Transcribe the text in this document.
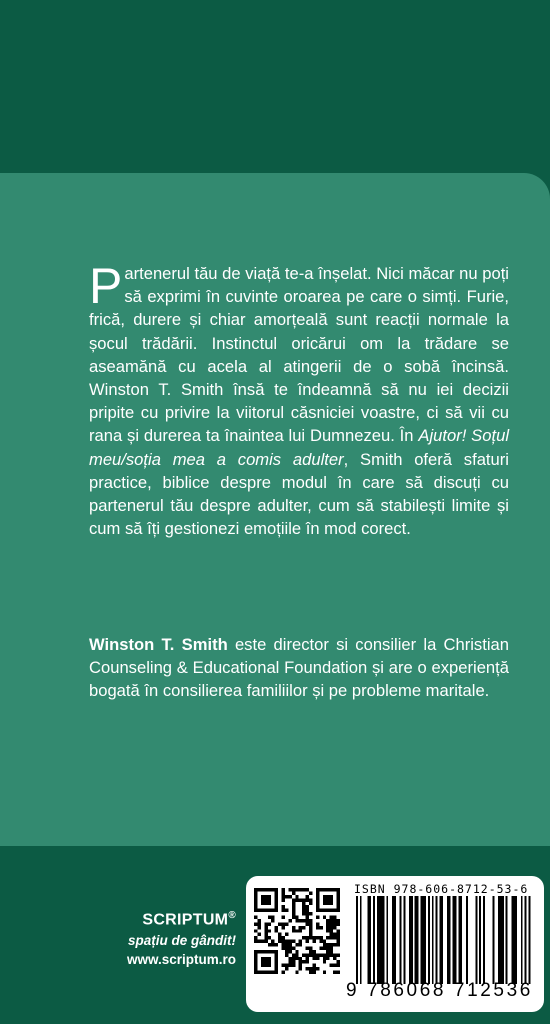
Partenerul tău de viață te-a înșelat. Nici măcar nu poți să exprimi în cuvinte oroarea pe care o simți. Furie, frică, durere și chiar amorțeală sunt reacții normale la șocul trădării. Instinctul oricărui om la trădare se aseamănă cu acela al atingerii de o sobă încinsă. Winston T. Smith însă te îndeamnă să nu iei decizii pripite cu privire la viitorul căsniciei voastre, ci să vii cu rana și durerea ta înaintea lui Dumnezeu. În Ajutor! Soțul meu/soția mea a comis adulter, Smith oferă sfaturi practice, biblice despre modul în care să discuți cu partenerul tău despre adulter, cum să stabilești limite și cum să îți gestionezi emoțiile în mod corect.

Winston T. Smith este director si consilier la Christian Counseling & Educational Foundation și are o experiență bogată în consilierea familiilor și pe probleme maritale.

SCRIPTUM®
spațiu de gândit!
www.scriptum.ro
ISBN 978-606-8712-53-6
9 786068 712536
